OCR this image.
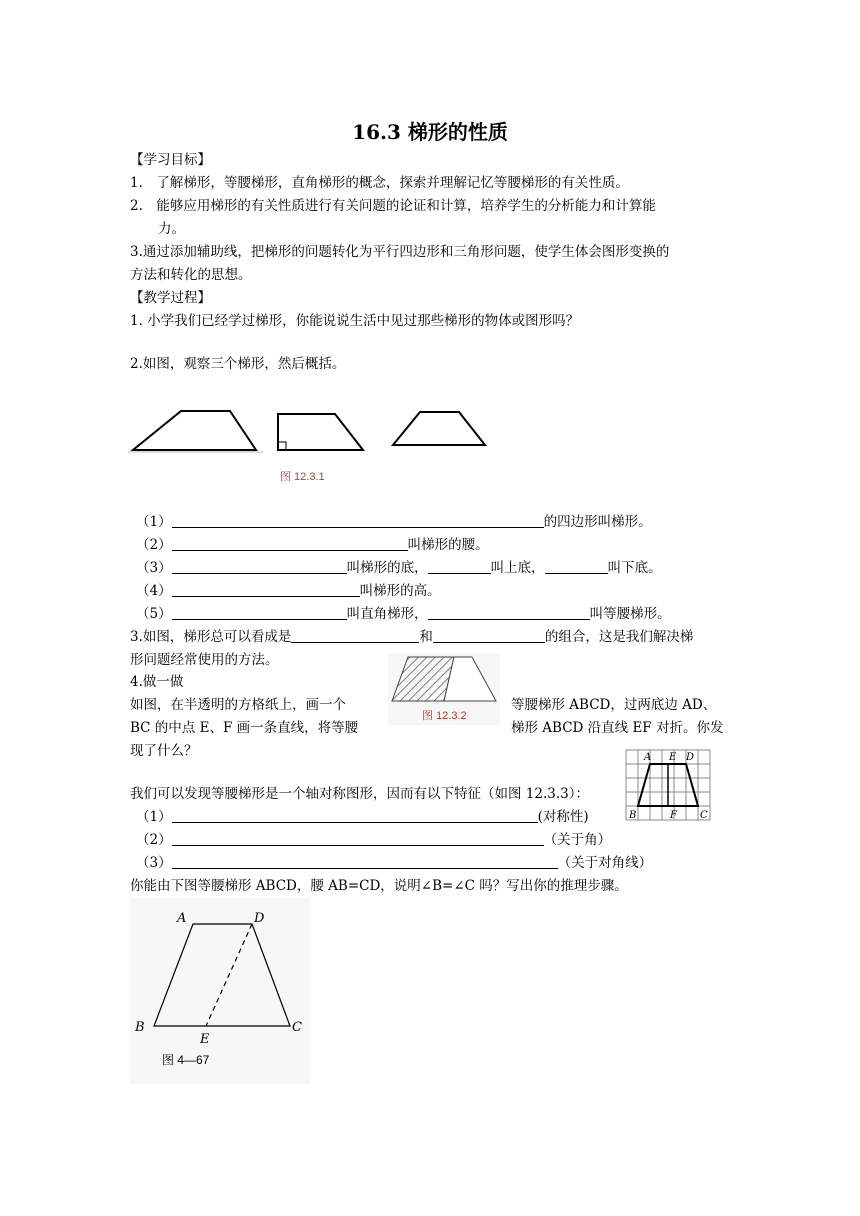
16.3 梯形的性质
【学习目标】
1.　了解梯形，等腰梯形，直角梯形的概念，探索并理解记忆等腰梯形的有关性质。
2.　能够应用梯形的有关性质进行有关问题的论证和计算，培养学生的分析能力和计算能
力。
3.通过添加辅助线，把梯形的问题转化为平行四边形和三角形问题，使学生体会图形变换的
方法和转化的思想。
【教学过程】
1. 小学我们已经学过梯形，你能说说生活中见过那些梯形的物体或图形吗？
2.如图，观察三个梯形，然后概括。
图 12.3.1
（1）	的四边形叫梯形。
（2）	叫梯形的腰。
（3）	叫梯形的底，	叫上底，	叫下底。
（4）	叫梯形的高。
（5）	叫直角梯形，	叫等腰梯形。
3.如图，梯形总可以看成是	和	的组合，这是我们解决梯
形问题经常使用的方法。
4.做一做
如图，在半透明的方格纸上，画一个	等腰梯形 ABCD，过两底边 AD、
BC 的中点 E、F 画一条直线，将等腰	梯形 ABCD 沿直线 EF 对折。你发
现了什么？
图 12.3.2
我们可以发现等腰梯形是一个轴对称图形，因而有以下特征（如图 12.3.3）：
（1）	(对称性)
（2）	（关于角）
（3）	（关于对角线）
A E D
B	F C
你能由下图等腰梯形 ABCD，腰 AB=CD，说明∠B=∠C 吗？写出你的推理步骤。
A	D
B
E
C
图 4—67
